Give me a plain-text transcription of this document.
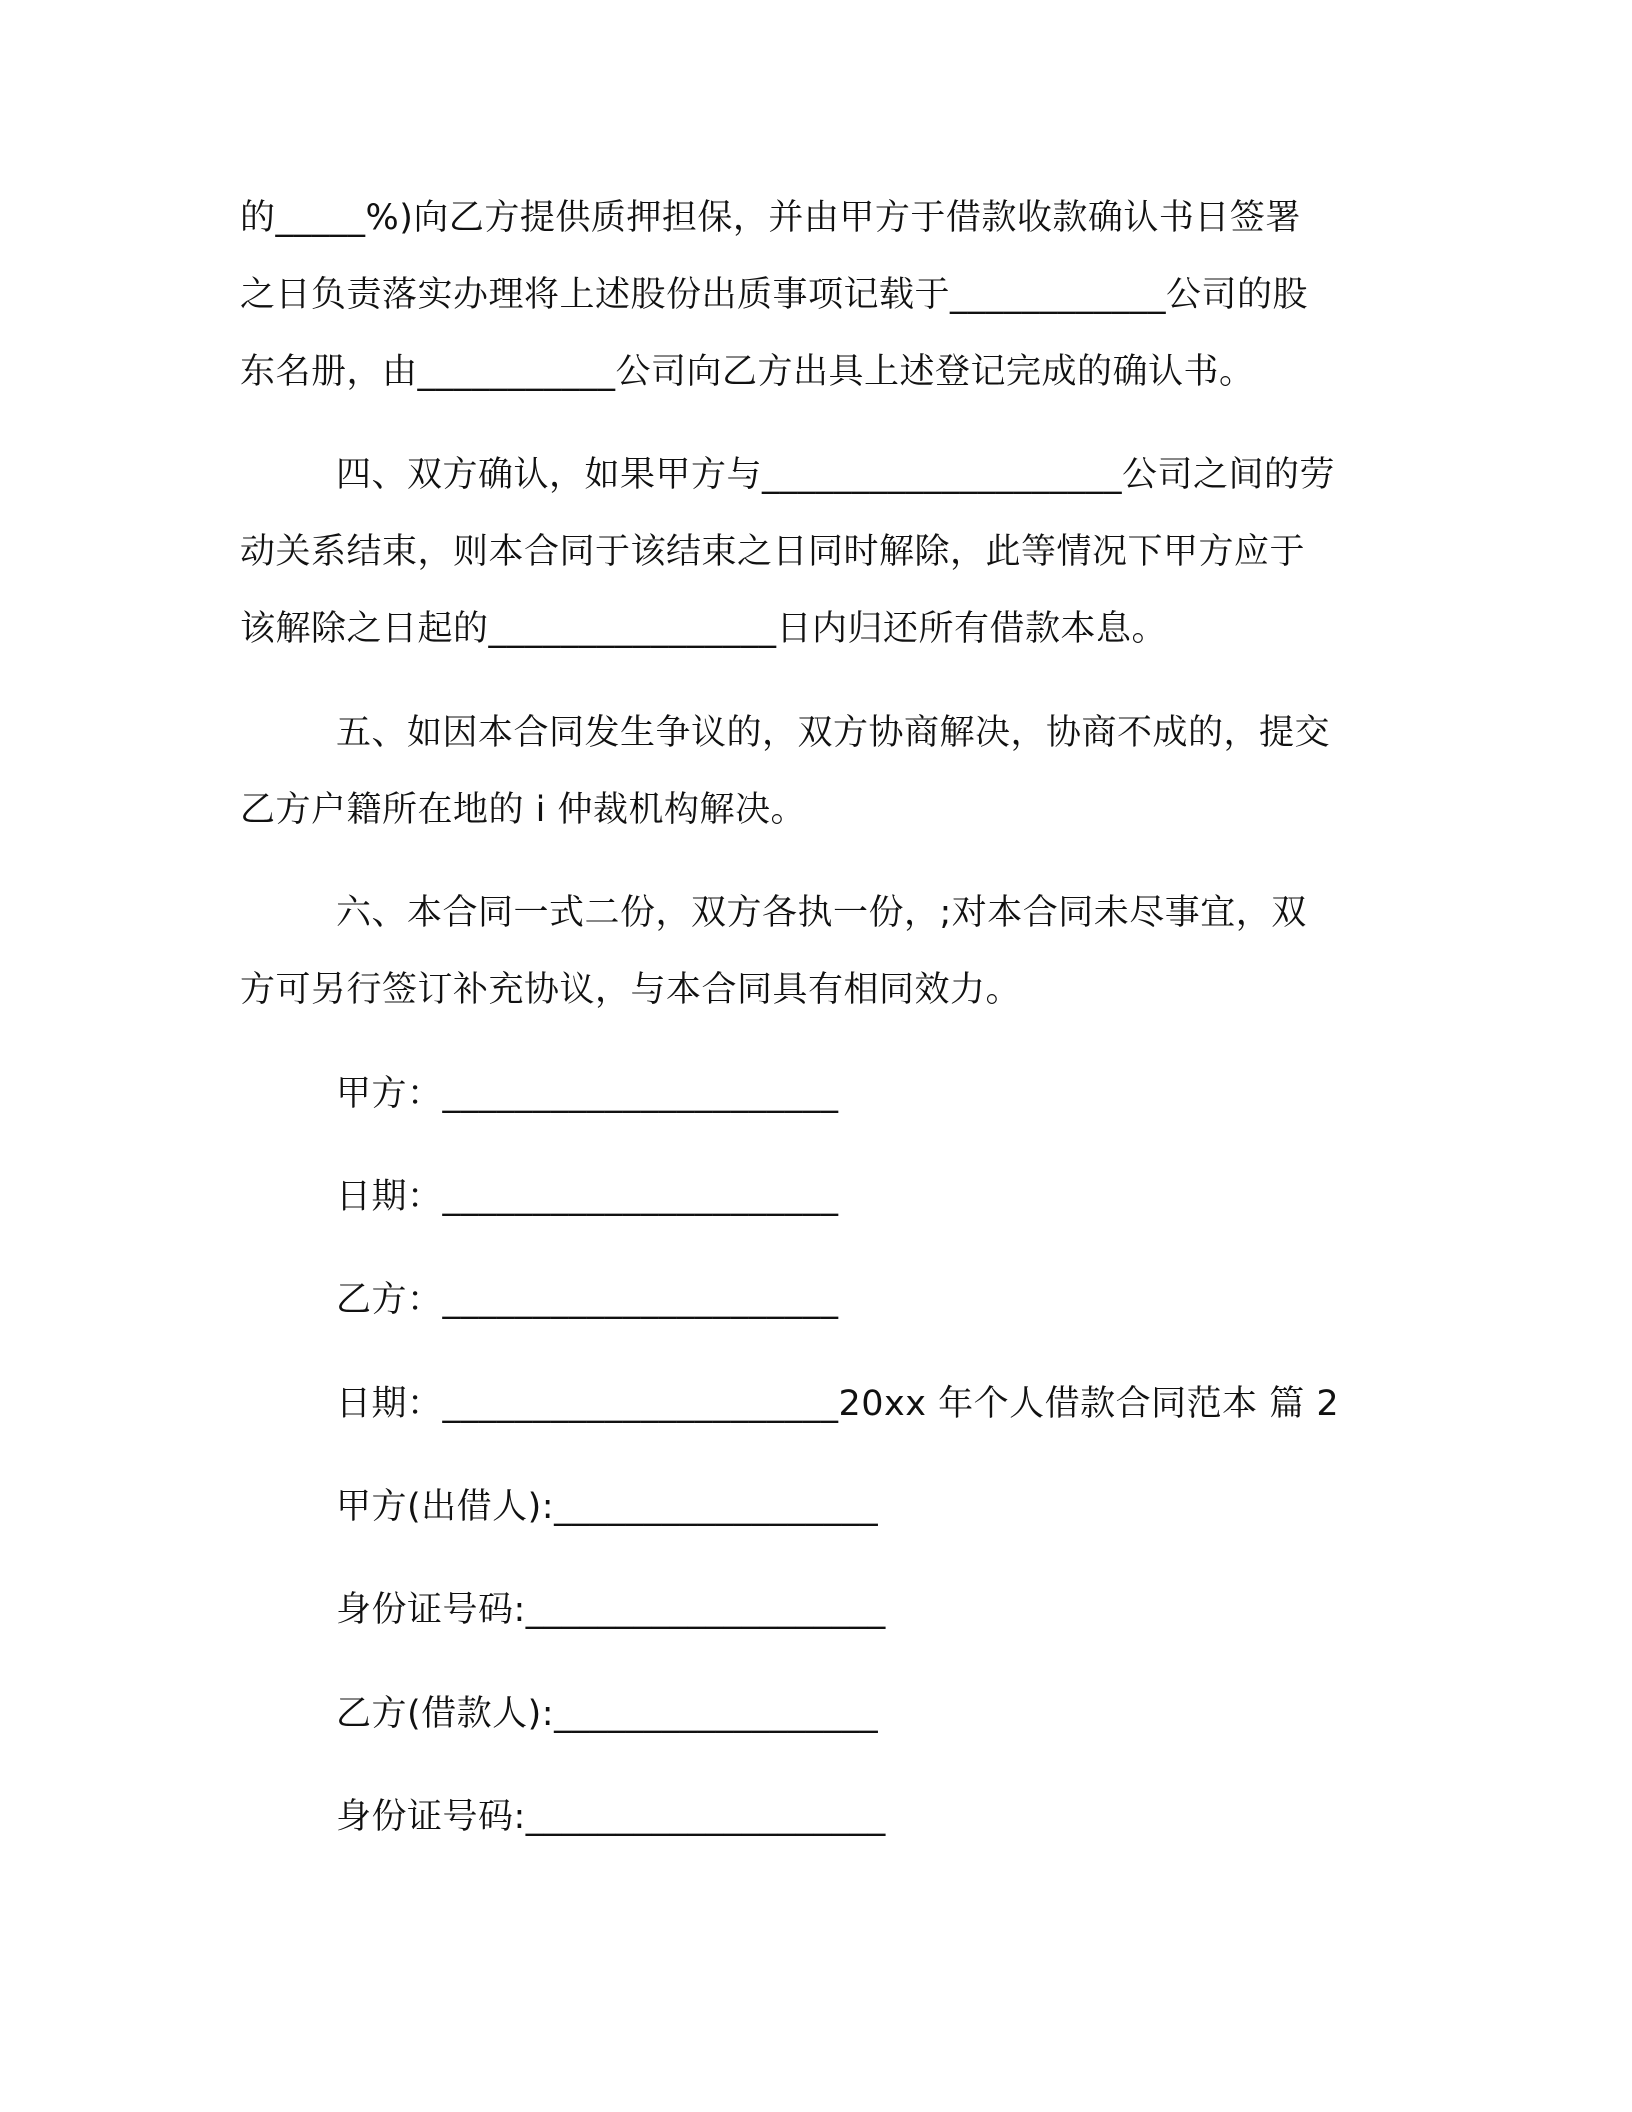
的_____%)向乙方提供质押担保，并由甲方于借款收款确认书日签署
之日负责落实办理将上述股份出质事项记载于____________公司的股
东名册，由___________公司向乙方出具上述登记完成的确认书。
四、双方确认，如果甲方与____________________公司之间的劳
动关系结束，则本合同于该结束之日同时解除，此等情况下甲方应于
该解除之日起的________________日内归还所有借款本息。
五、如因本合同发生争议的，双方协商解决，协商不成的，提交
乙方户籍所在地的 i 仲裁机构解决。
六、本合同一式二份，双方各执一份，;对本合同未尽事宜，双
方可另行签订补充协议，与本合同具有相同效力。
甲方：______________________
日期：______________________
乙方：______________________
日期：______________________20xx 年个人借款合同范本 篇 2
甲方(出借人):__________________
身份证号码:____________________
乙方(借款人):__________________
身份证号码:____________________
